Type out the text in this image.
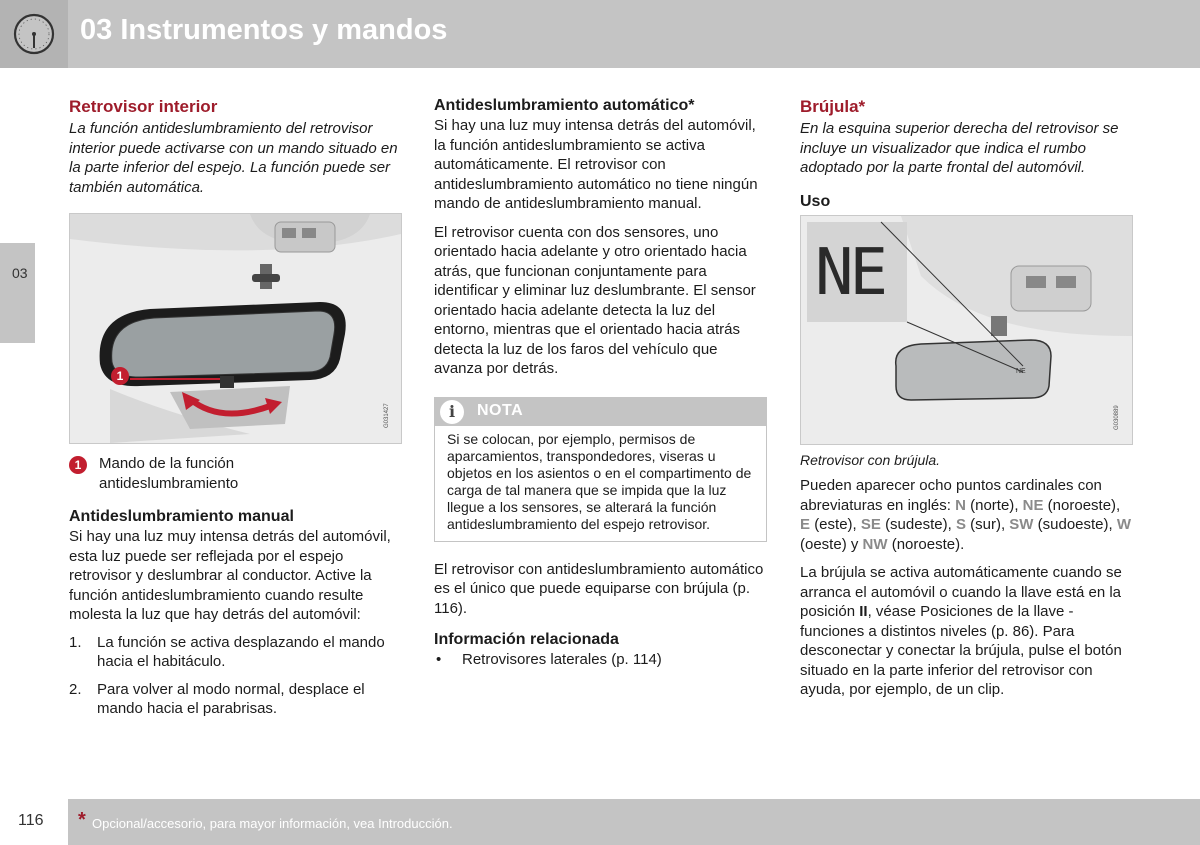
03 Instrumentos y mandos
03
Retrovisor interior

La función antideslumbramiento del retrovisor interior puede activarse con un mando situado en la parte inferior del espejo. La función puede ser también automática.

1
G031427
1	Mando de la función antideslumbramiento
Antideslumbramiento manual

Si hay una luz muy intensa detrás del automóvil, esta luz puede ser reflejada por el espejo retrovisor y deslumbrar al conductor. Active la función antideslumbramiento cuando resulte molesta la luz que hay detrás del automóvil:

1. La función se activa desplazando el mando hacia el habitáculo.
2. Para volver al modo normal, desplace el mando hacia el parabrisas.
Antideslumbramiento automático*

Si hay una luz muy intensa detrás del automóvil, la función antideslumbramiento se activa automáticamente. El retrovisor con antideslumbramiento automático no tiene ningún mando de antideslumbramiento manual.

El retrovisor cuenta con dos sensores, uno orientado hacia adelante y otro orientado hacia atrás, que funcionan conjuntamente para identificar y eliminar luz deslumbrante. El sensor orientado hacia adelante detecta la luz del entorno, mientras que el orientado hacia atrás detecta la luz de los faros del vehículo que avanza por detrás.

i
NOTA
Si se colocan, por ejemplo, permisos de aparcamientos, transpondedores, viseras u objetos en los asientos o en el compartimento de carga de tal manera que se impida que la luz llegue a los sensores, se alterará la función antideslumbramiento del espejo retrovisor.

El retrovisor con antideslumbramiento automático es el único que puede equiparse con brújula (p. 116).

Información relacionada
• Retrovisores laterales (p. 114)
Brújula*

En la esquina superior derecha del retrovisor se incluye un visualizador que indica el rumbo adoptado por la parte frontal del automóvil.

Uso
NE
NE
G030889

Retrovisor con brújula.

Pueden aparecer ocho puntos cardinales con abreviaturas en inglés: N (norte), NE (noroeste), E (este), SE (sudeste), S (sur), SW (sudoeste), W (oeste) y NW (noroeste).

La brújula se activa automáticamente cuando se arranca el automóvil o cuando la llave está en la posición II, véase Posiciones de la llave - funciones a distintos niveles (p. 86). Para desconectar y conectar la brújula, pulse el botón situado en la parte inferior del retrovisor con ayuda, por ejemplo, de un clip.

116 * Opcional/accesorio, para mayor información, vea Introducción.
